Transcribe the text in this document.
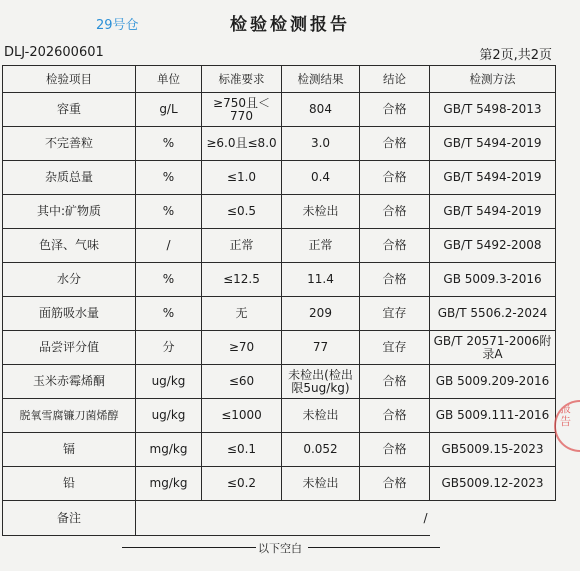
29号仓	检验检测报告
DLJ-202600601	第2页,共2页
检验项目	单位	标准要求	检测结果	结论	检测方法
容重	g/L	≥750且＜770	804	合格	GB/T 5498-2013
不完善粒	%	≥6.0且≤8.0	3.0	合格	GB/T 5494-2019
杂质总量	%	≤1.0	0.4	合格	GB/T 5494-2019
其中:矿物质	%	≤0.5	未检出	合格	GB/T 5494-2019
色泽、气味	/	正常	正常	合格	GB/T 5492-2008
水分	%	≤12.5	11.4	合格	GB 5009.3-2016
面筋吸水量	%	无	209	宜存	GB/T 5506.2-2024
品尝评分值	分	≥70	77	宜存	GB/T 20571-2006附录A
玉米赤霉烯酮	ug/kg	≤60	未检出(检出限5ug/kg)	合格	GB 5009.209-2016
脱氧雪腐镰刀菌烯醇	ug/kg	≤1000	未检出	合格	GB 5009.111-2016
镉	mg/kg	≤0.1	0.052	合格	GB5009.15-2023
铅	mg/kg	≤0.2	未检出	合格	GB5009.12-2023
备注	/				
报告
以下空白
